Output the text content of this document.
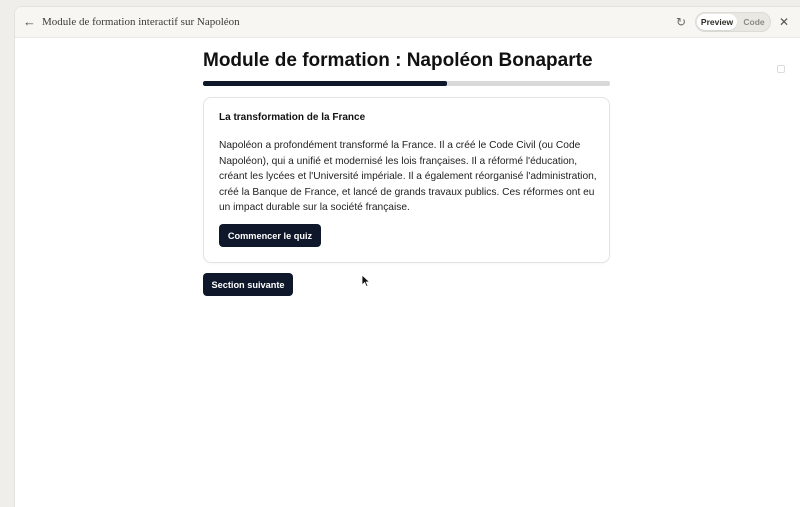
← Module de formation interactif sur Napoléon	↻	Preview	Code	✕
Module de formation : Napoléon Bonaparte
La transformation de la France

Napoléon a profondément transformé la France. Il a créé le Code Civil (ou Code Napoléon), qui a unifié et modernisé les lois françaises. Il a réformé l'éducation, créant les lycées et l'Université impériale. Il a également réorganisé l'administration, créé la Banque de France, et lancé de grands travaux publics. Ces réformes ont eu un impact durable sur la société française.

Commencer le quiz
Section suivante
